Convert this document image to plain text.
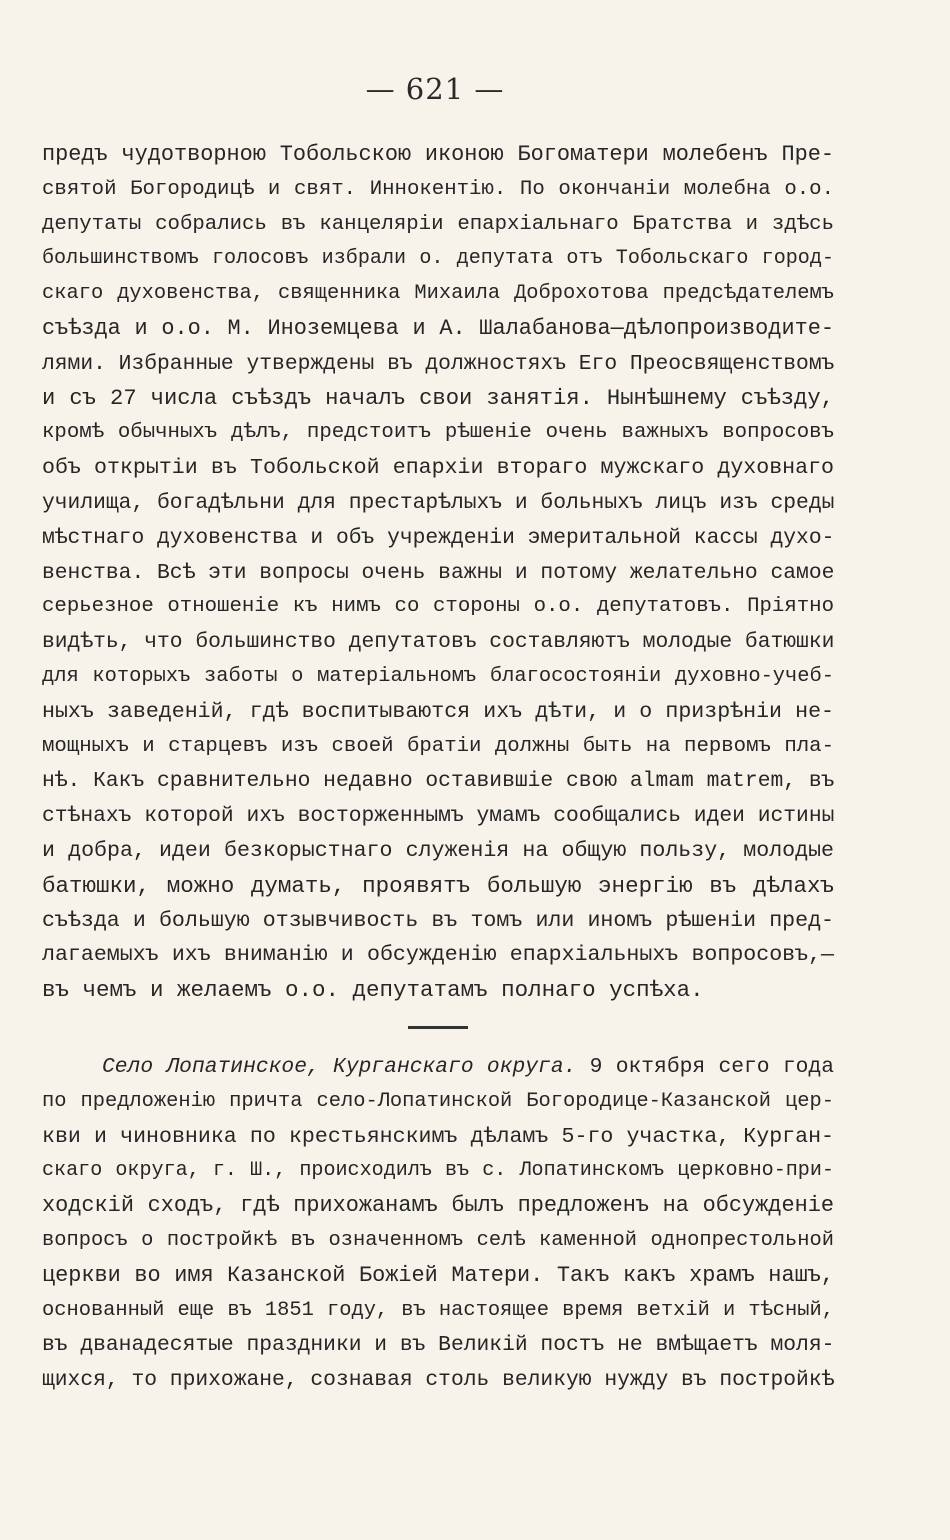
— 621 —
предъ чудотворною Тобольскою иконою Богоматери молебенъ Пре-
святой Богородицѣ и свят. Иннокентію. По окончаніи молебна о.о.
депутаты собрались въ канцеляріи епархіальнаго Братства и здѣсь
большинствомъ голосовъ избрали о. депутата отъ Тобольскаго город-
скаго духовенства, священника Михаила Доброхотова предсѣдателемъ
съѣзда и о.о. М. Иноземцева и А. Шалабанова—дѣлопроизводите-
лями. Избранные утверждены въ должностяхъ Его Преосвященствомъ
и съ 27 числа съѣздъ началъ свои занятія. Нынѣшнему съѣзду,
кромѣ обычныхъ дѣлъ, предстоитъ рѣшеніе очень важныхъ вопросовъ
объ открытіи въ Тобольской епархіи втораго мужскаго духовнаго
училища, богадѣльни для престарѣлыхъ и больныхъ лицъ изъ среды
мѣстнаго духовенства и объ учрежденіи эмеритальной кассы духо-
венства. Всѣ эти вопросы очень важны и потому желательно самое
серьезное отношеніе къ нимъ со стороны о.о. депутатовъ. Пріятно
видѣть, что большинство депутатовъ составляютъ молодые батюшки
для которыхъ заботы о матеріальномъ благосостояніи духовно-учеб-
ныхъ заведеній, гдѣ воспитываются ихъ дѣти, и о призрѣніи не-
мощныхъ и старцевъ изъ своей братіи должны быть на первомъ пла-
нѣ. Какъ сравнительно недавно оставившіе свою almam matrem, въ
стѣнахъ которой ихъ восторженнымъ умамъ сообщались идеи истины
и добра, идеи безкорыстнаго служенія на общую пользу, молодые
батюшки, можно думать, проявятъ большую энергію въ дѣлахъ
съѣзда и большую отзывчивость въ томъ или иномъ рѣшеніи пред-
лагаемыхъ ихъ вниманію и обсужденію епархіальныхъ вопросовъ,—
въ чемъ и желаемъ о.о. депутатамъ полнаго успѣха.
Село Лопатинское, Курганскаго округа. 9 октября сего года
по предложенію причта село-Лопатинской Богородице-Казанской цер-
кви и чиновника по крестьянскимъ дѣламъ 5-го участка, Курган-
скаго округа, г. Ш., происходилъ въ с. Лопатинскомъ церковно-при-
ходскій сходъ, гдѣ прихожанамъ былъ предложенъ на обсужденіе
вопросъ о постройкѣ въ означенномъ селѣ каменной однопрестольной
церкви во имя Казанской Божіей Матери. Такъ какъ храмъ нашъ,
основанный еще въ 1851 году, въ настоящее время ветхій и тѣсный,
въ дванадесятые праздники и въ Великій постъ не вмѣщаетъ моля-
щихся, то прихожане, сознавая столь великую нужду въ постройкѣ
